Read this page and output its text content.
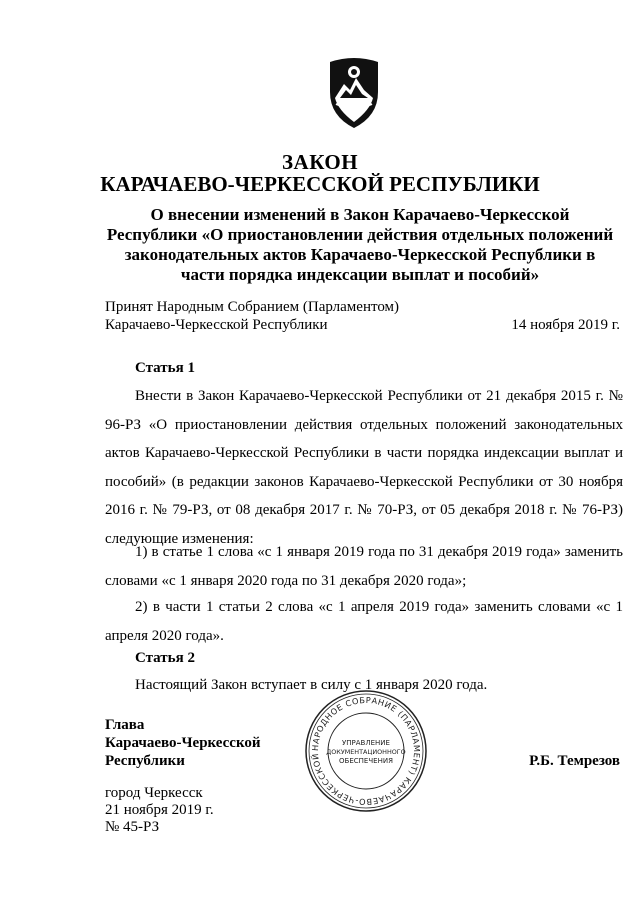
ЗАКОН
КАРАЧАЕВО-ЧЕРКЕССКОЙ РЕСПУБЛИКИ
О внесении изменений в Закон Карачаево-Черкесской
Республики «О приостановлении действия отдельных положений
законодательных актов Карачаево-Черкесской Республики в
части порядка индексации выплат и пособий»
Принят Народным Собранием (Парламентом)
Карачаево-Черкесской Республики	14 ноября 2019 г.
Статья 1
Внести в Закон Карачаево-Черкесской Республики от 21 декабря 2015 г. № 96-РЗ «О приостановлении действия отдельных положений законодательных актов Карачаево-Черкесской Республики в части порядка индексации выплат и пособий» (в редакции законов Карачаево-Черкесской Республики от 30 ноября 2016 г. № 79-РЗ, от 08 декабря 2017 г. № 70-РЗ, от 05 декабря 2018 г. № 76-РЗ) следующие изменения:
1) в статье 1 слова «с 1 января 2019 года по 31 декабря 2019 года» заменить словами «с 1 января 2020 года по 31 декабря 2020 года»;
2) в части 1 статьи 2 слова «с 1 апреля 2019 года» заменить словами «с 1 апреля 2020 года».
Статья 2
Настоящий Закон вступает в силу с 1 января 2020 года.
Глава
Карачаево-Черкесской
Республики
НАРОДНОЕ СОБРАНИЕ (ПАРЛАМЕНТ) КАРАЧАЕВО-ЧЕРКЕССКОЙ
УПРАВЛЕНИЕ
ДОКУМЕНТАЦИОННОГО
ОБЕСПЕЧЕНИЯ	Р.Б. Темрезов
город Черкесск
21 ноября 2019 г.
№ 45-РЗ
